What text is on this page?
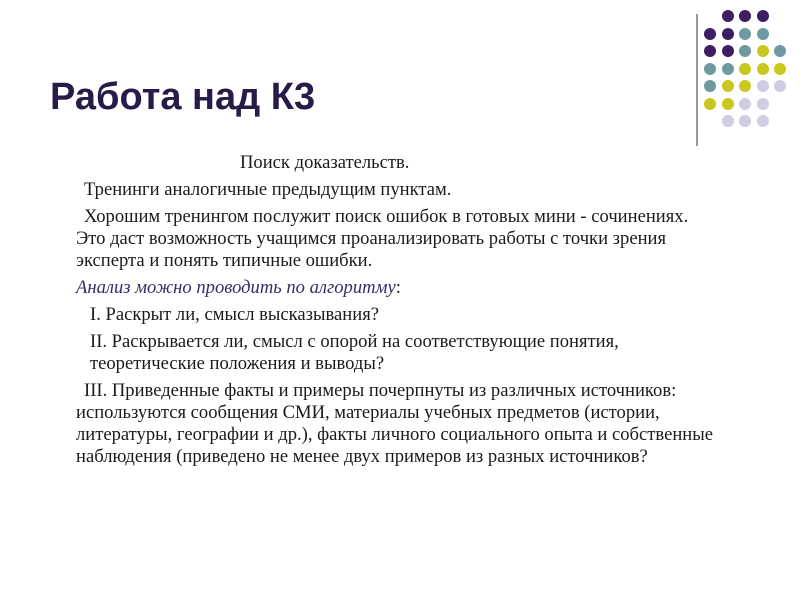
Работа над К3

Поиск доказательств.

Тренинги аналогичные предыдущим пунктам.

Хорошим тренингом послужит поиск ошибок в готовых мини - сочинениях. Это даст возможность учащимся проанализировать работы с точки зрения эксперта и понять типичные ошибки.

Анализ можно проводить по алгоритму:

I. Раскрыт ли, смысл высказывания?

II. Раскрывается ли, смысл с опорой на соответствующие понятия, теоретические положения и выводы?

III. Приведенные факты и примеры почерпнуты из различных источников: используются сообщения СМИ, материалы учебных предметов (истории, литературы, географии и др.), факты личного социального опыта и собственные наблюдения (приведено не менее двух примеров из разных источников?
